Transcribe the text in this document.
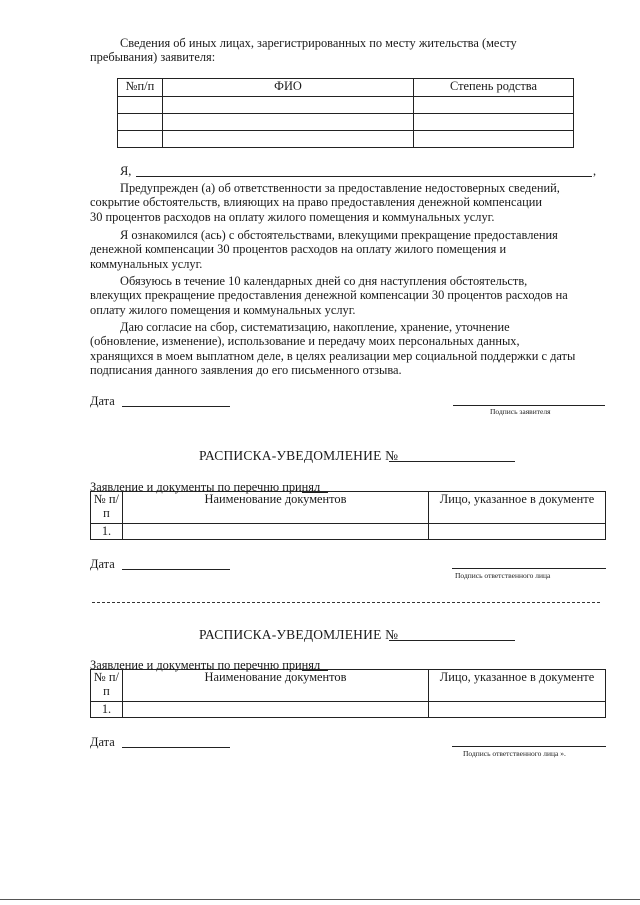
Сведения об иных лицах, зарегистрированных по месту жительства (месту
пребывания) заявителя:
№п/п	ФИО	Степень родства

Я,	,
Предупрежден (а) об ответственности за предоставление недостоверных сведений,
сокрытие обстоятельств, влияющих на право предоставления денежной компенсации
30 процентов расходов на оплату жилого помещения и коммунальных услуг.
Я ознакомился (ась) с обстоятельствами, влекущими прекращение предоставления
денежной компенсации 30 процентов расходов на оплату жилого помещения и
коммунальных услуг.
Обязуюсь в течение 10 календарных дней со дня наступления обстоятельств,
влекущих прекращение предоставления денежной компенсации 30 процентов расходов на
оплату жилого помещения и коммунальных услуг.
Даю согласие на сбор, систематизацию, накопление, хранение, уточнение
(обновление, изменение), использование и передачу моих персональных данных,
хранящихся в моем выплатном деле, в целях реализации мер социальной поддержки с даты
подписания данного заявления до его письменного отзыва.
Дата
Подпись заявителя
РАСПИСКА-УВЕДОМЛЕНИЕ №
Заявление и документы по перечню принял
№ п/п	Наименование документов	Лицо, указанное в документе
1.		
Дата
Подпись ответственного лица
РАСПИСКА-УВЕДОМЛЕНИЕ №
Заявление и документы по перечню принял
№ п/п	Наименование документов	Лицо, указанное в документе
1.		
Дата
Подпись ответственного лица ».
